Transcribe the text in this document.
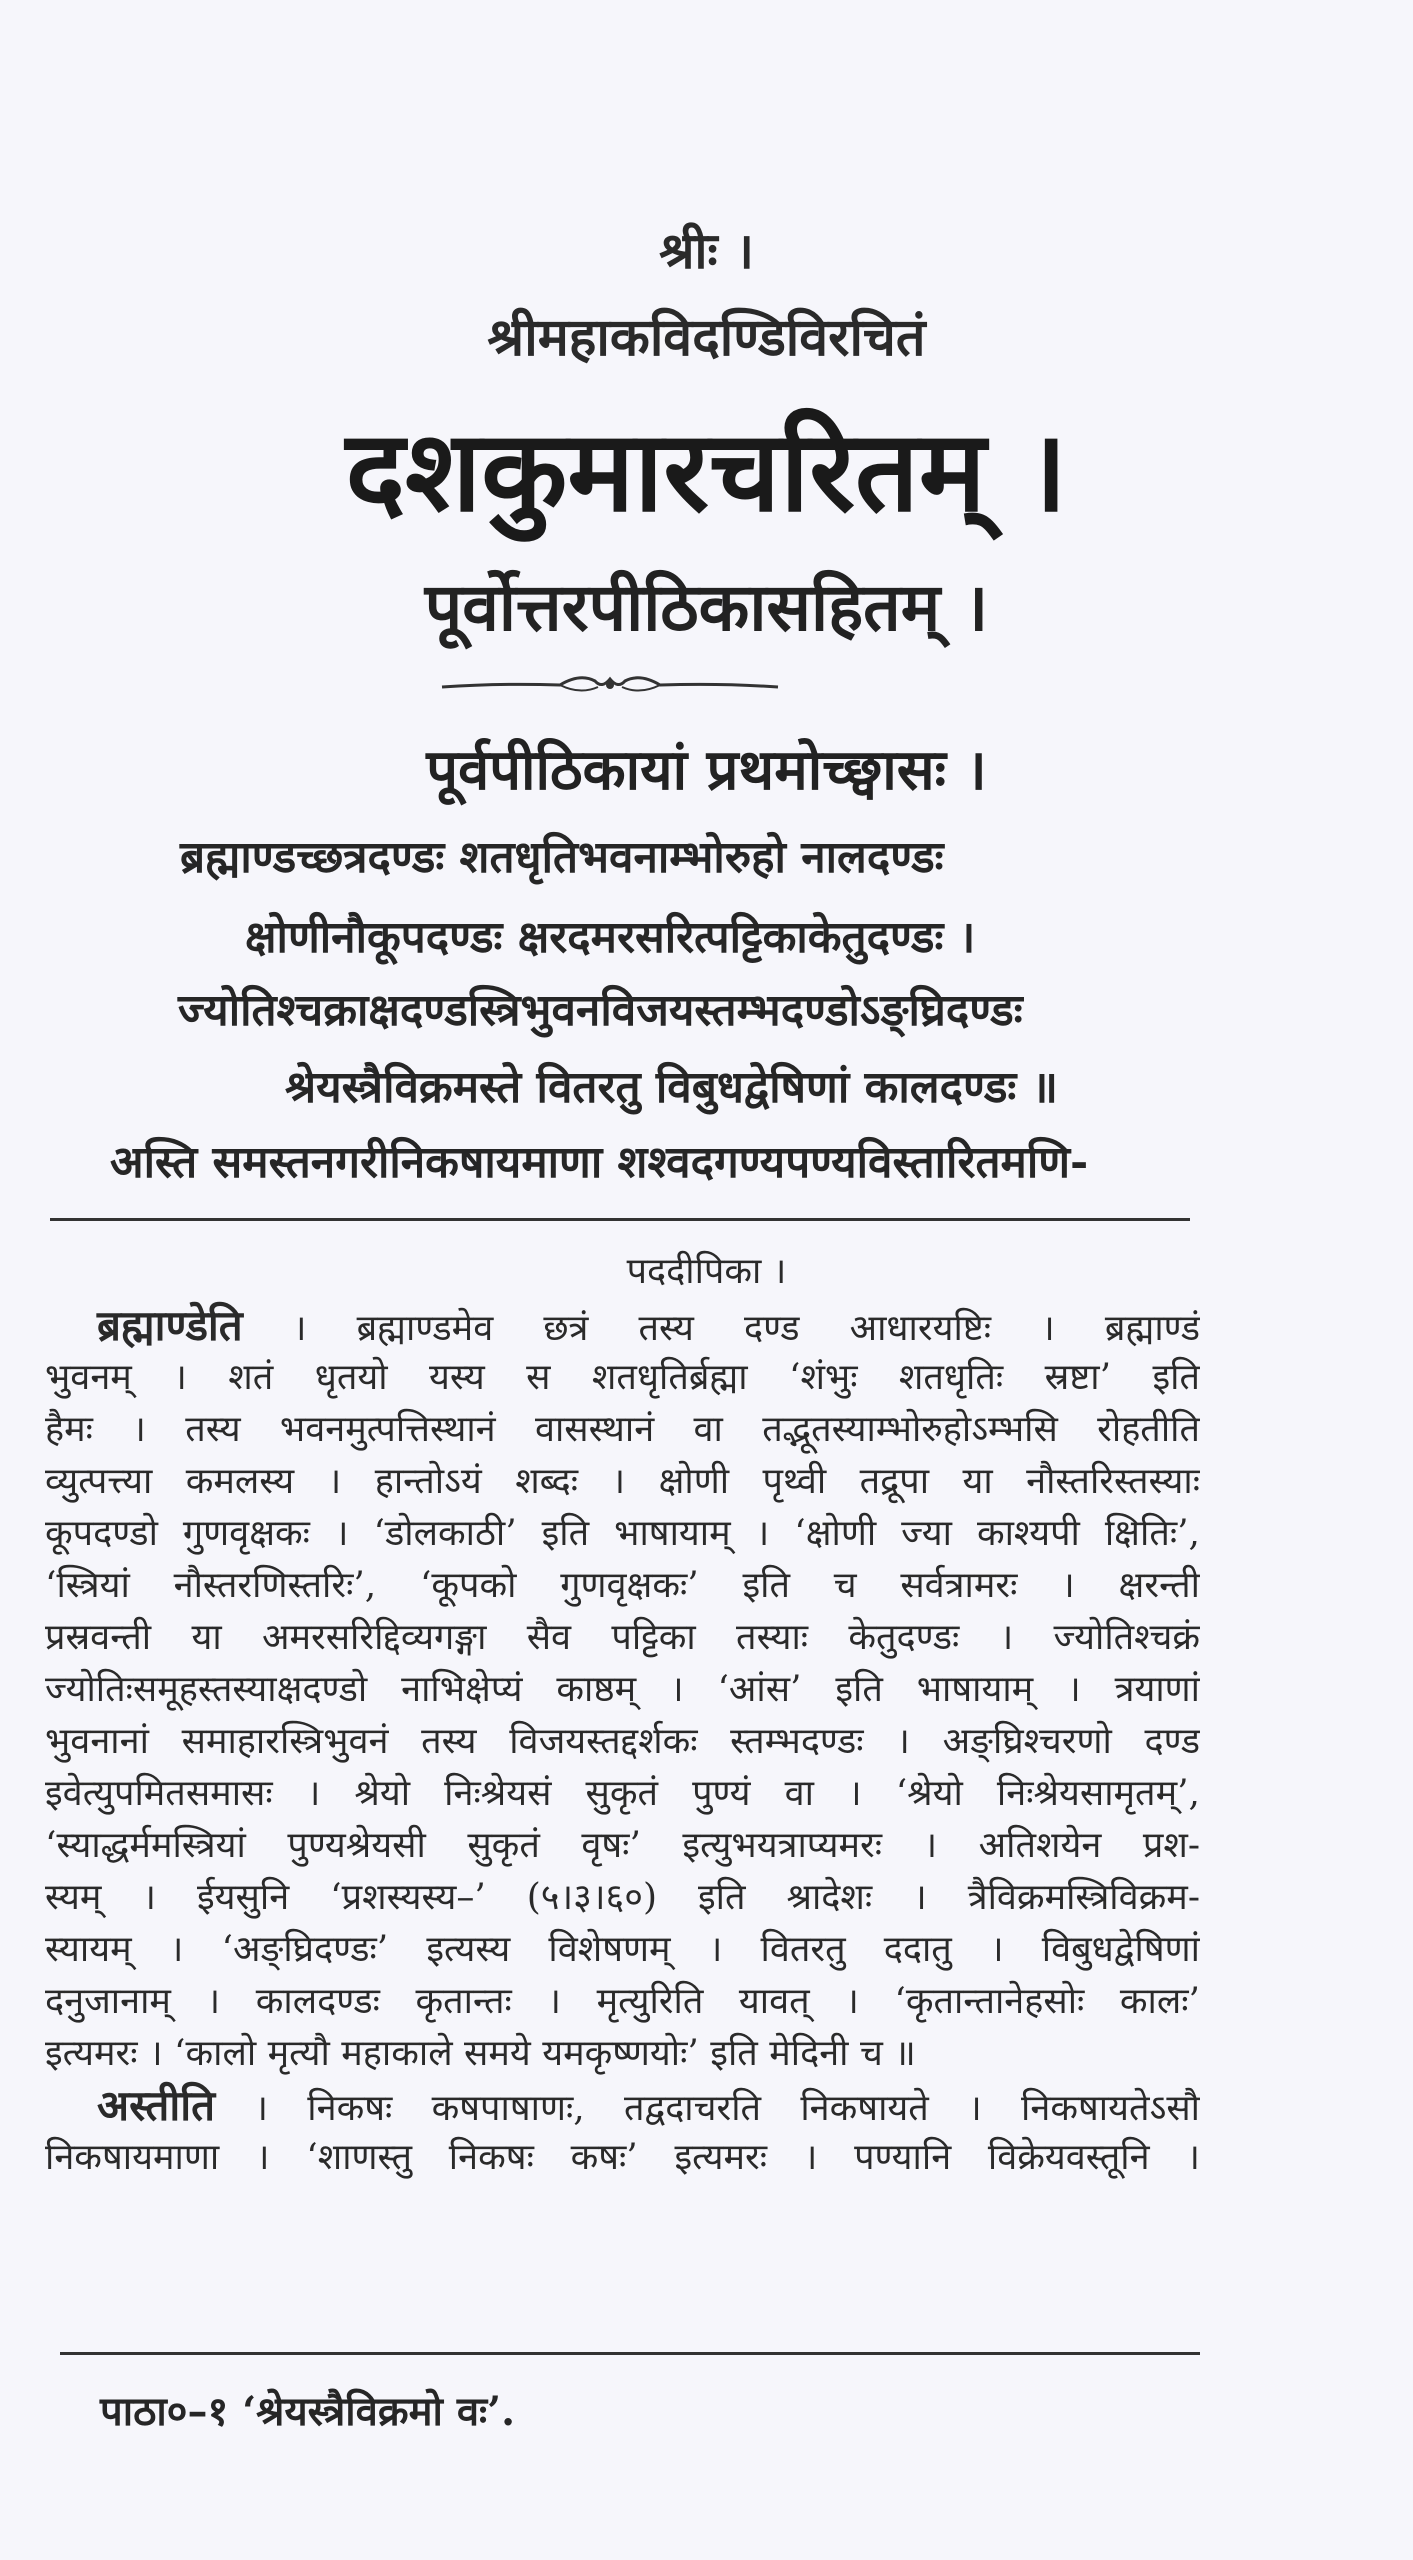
श्रीः ।
श्रीमहाकविदण्डिविरचितं
दशकुमारचरितम् ।
पूर्वोत्तरपीठिकासहितम् ।
पूर्वपीठिकायां प्रथमोच्छ्वासः ।
ब्रह्माण्डच्छत्रदण्डः शतधृतिभवनाम्भोरुहो नालदण्डः
क्षोणीनौकूपदण्डः क्षरदमरसरित्पट्टिकाकेतुदण्डः ।
ज्योतिश्चक्राक्षदण्डस्त्रिभुवनविजयस्तम्भदण्डोऽङ्घ्रिदण्डः
श्रेयस्त्रैविक्रमस्ते वितरतु विबुधद्वेषिणां कालदण्डः ॥
अस्ति समस्तनगरीनिकषायमाणा शश्वदगण्यपण्यविस्तारितमणि-
पददीपिका ।
ब्रह्माण्डेति । ब्रह्माण्डमेव छत्रं तस्य दण्ड आधारयष्टिः । ब्रह्माण्डं
भुवनम् । शतं धृतयो यस्य स शतधृतिर्ब्रह्मा ‘शंभुः शतधृतिः स्रष्टा’ इति
हैमः । तस्य भवनमुत्पत्तिस्थानं वासस्थानं वा तद्भूतस्याम्भोरुहोऽम्भसि रोहतीति
व्युत्पत्त्या कमलस्य । हान्तोऽयं शब्दः । क्षोणी पृथ्वी तद्रूपा या नौस्तरिस्तस्याः
कूपदण्डो गुणवृक्षकः । ‘डोलकाठी’ इति भाषायाम् । ‘क्षोणी ज्या काश्यपी क्षितिः’,
‘स्त्रियां नौस्तरणिस्तरिः’, ‘कूपको गुणवृक्षकः’ इति च सर्वत्रामरः । क्षरन्ती
प्रस्रवन्ती या अमरसरिद्दिव्यगङ्गा सैव पट्टिका तस्याः केतुदण्डः । ज्योतिश्चक्रं
ज्योतिःसमूहस्तस्याक्षदण्डो नाभिक्षेप्यं काष्ठम् । ‘आंस’ इति भाषायाम् । त्रयाणां
भुवनानां समाहारस्त्रिभुवनं तस्य विजयस्तद्दर्शकः स्तम्भदण्डः । अङ्घ्रिश्चरणो दण्ड
इवेत्युपमितसमासः । श्रेयो निःश्रेयसं सुकृतं पुण्यं वा । ‘श्रेयो निःश्रेयसामृतम्’,
‘स्याद्धर्ममस्त्रियां पुण्यश्रेयसी सुकृतं वृषः’ इत्युभयत्राप्यमरः । अतिशयेन प्रश-
स्यम् । ईयसुनि ‘प्रशस्यस्य–’ (५।३।६०) इति श्रादेशः । त्रैविक्रमस्त्रिविक्रम-
स्यायम् । ‘अङ्घ्रिदण्डः’ इत्यस्य विशेषणम् । वितरतु ददातु । विबुधद्वेषिणां
दनुजानाम् । कालदण्डः कृतान्तः । मृत्युरिति यावत् । ‘कृतान्तानेहसोः कालः’
इत्यमरः । ‘कालो मृत्यौ महाकाले समये यमकृष्णयोः’ इति मेदिनी च ॥
अस्तीति । निकषः कषपाषाणः, तद्वदाचरति निकषायते । निकषायतेऽसौ
निकषायमाणा । ‘शाणस्तु निकषः कषः’ इत्यमरः । पण्यानि विक्रेयवस्तूनि ।
पाठा०–१ ‘श्रेयस्त्रैविक्रमो वः’.
